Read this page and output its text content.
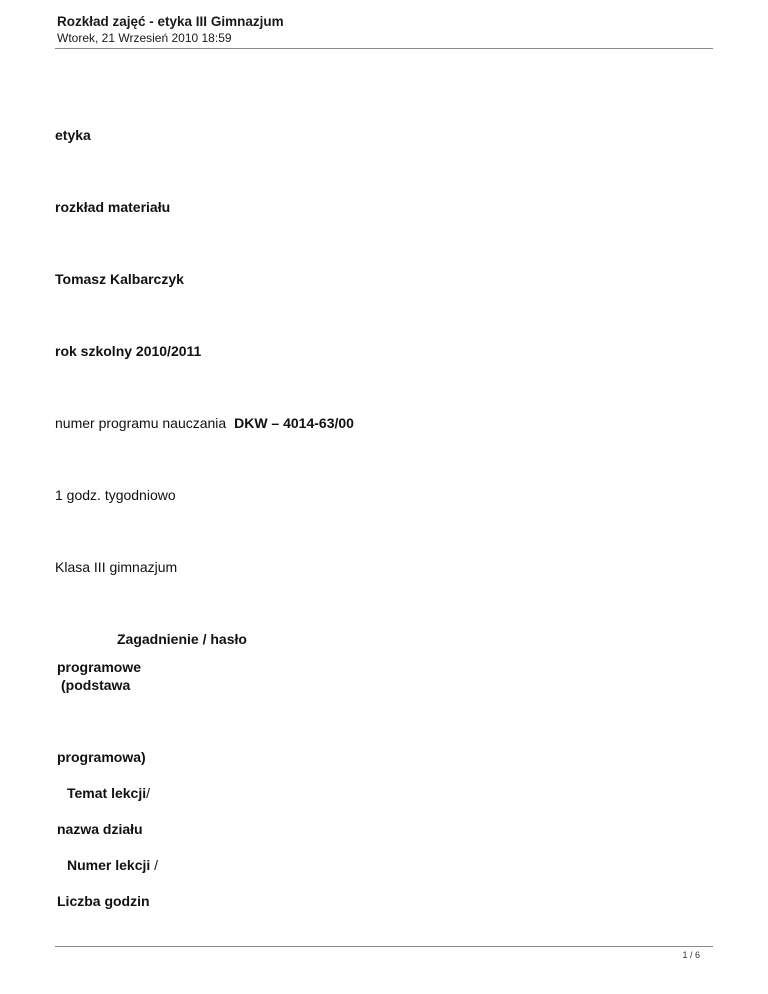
Rozkład zajęć - etyka III Gimnazjum
Wtorek, 21 Wrzesień 2010 18:59
etyka
rozkład materiału
Tomasz Kalbarczyk
rok szkolny 2010/2011
numer programu nauczania DKW – 4014-63/00
1 godz. tygodniowo
Klasa III gimnazjum
Zagadnienie / hasło
programowe
(podstawa
programowa)
Temat lekcji/
nazwa działu
Numer lekcji /
Liczba godzin
1 / 6
